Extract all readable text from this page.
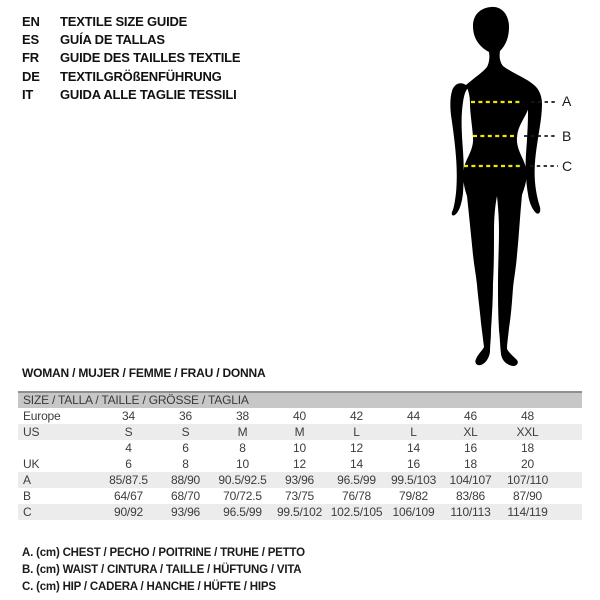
EN	TEXTILE SIZE GUIDE
ES	GUÍA DE TALLAS
FR	GUIDE DES TAILLES TEXTILE
DE	TEXTILGRÖßENFÜHRUNG
IT	GUIDA ALLE TAGLIE TESSILI	A
B
C
WOMAN / MUJER / FEMME / FRAU / DONNA
SIZE / TALLA / TAILLE / GRÖSSE / TAGLIA
Europe	34	36	38	40	42	44	46	48	
US	S	S	M	M	L	L	XL	XXL	
	4	6	8	10	12	14	16	18	
UK	6	8	10	12	14	16	18	20	
A	85/87.5	88/90	90.5/92.5	93/96	96.5/99	99.5/103	104/107	107/110	
B	64/67	68/70	70/72.5	73/75	76/78	79/82	83/86	87/90	
C	90/92	93/96	96.5/99	99.5/102	102.5/105	106/109	110/113	114/119	
A. (cm) CHEST / PECHO / POITRINE / TRUHE / PETTO
B. (cm) WAIST / CINTURA / TAILLE / HÜFTUNG / VITA
C. (cm) HIP / CADERA / HANCHE / HÜFTE / HIPS
